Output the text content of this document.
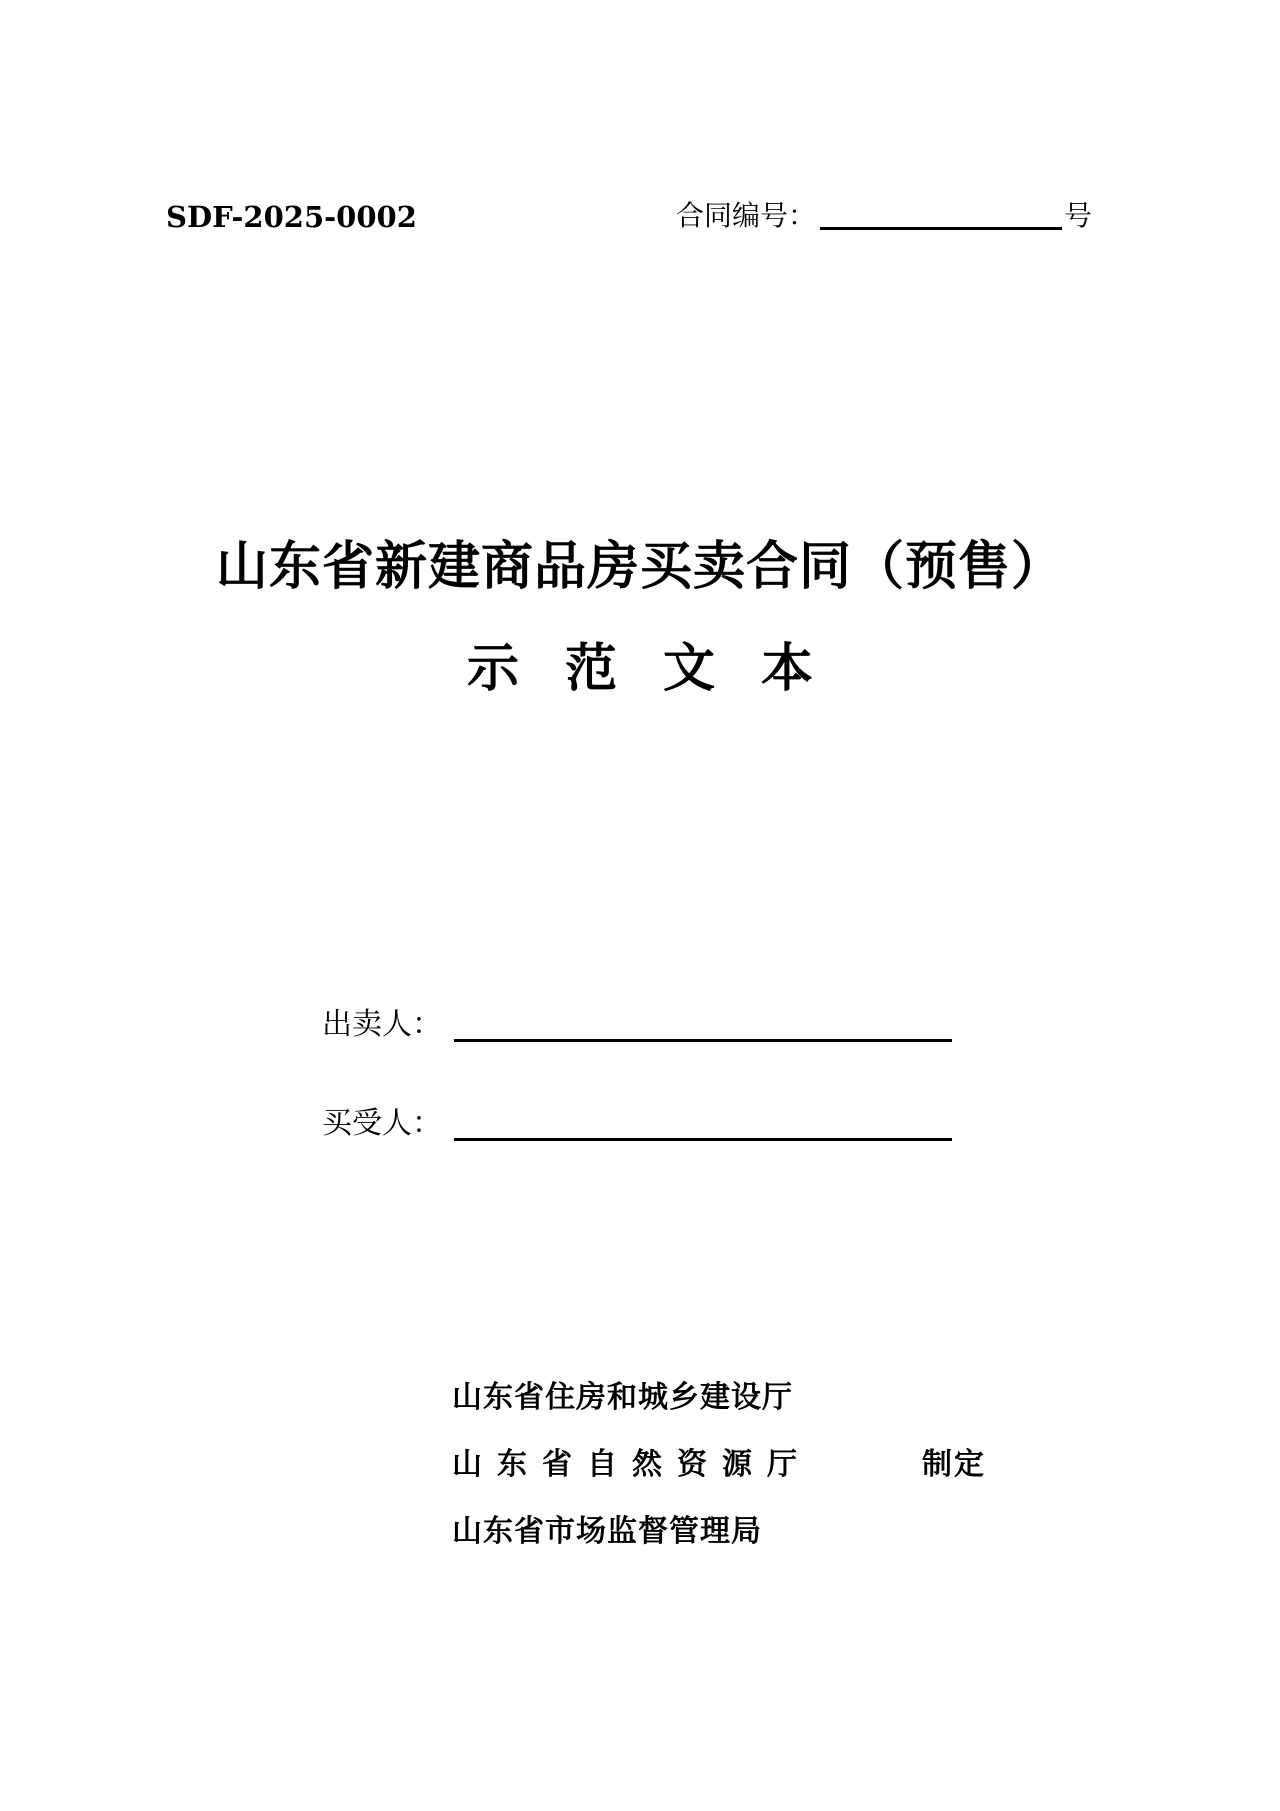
SDF-2025-0002	合同编号：	号
山东省新建商品房买卖合同（预售）
示范文本
出卖人：
买受人：
山东省住房和城乡建设厅
山东省自然资源厅
山东省市场监督管理局
制定
